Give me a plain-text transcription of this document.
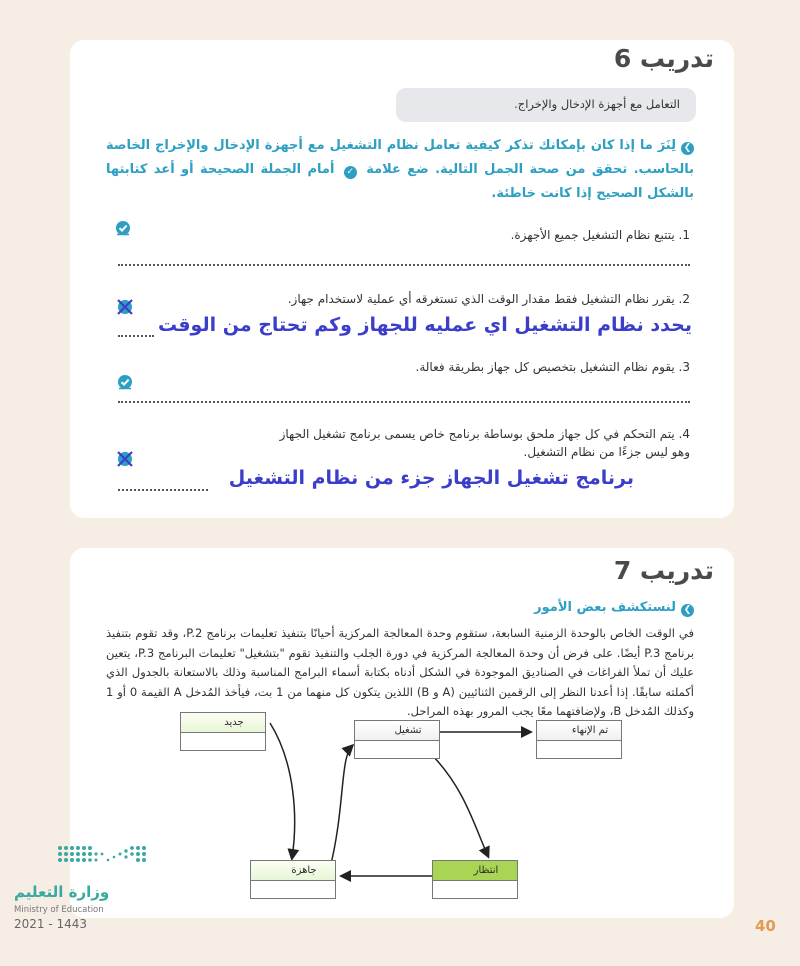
تدريب 6
التعامل مع أجهزة الإدخال والإخراج.
❯لِنَرَ ما إذا كان بإمكانك تذكر كيفية تعامل نظام التشغيل مع أجهزة الإدخال والإخراج الخاصة بالحاسب. تحقق من صحة الجمل التالية. ضع علامة ✓ أمام الجملة الصحيحة أو أعد كتابتها بالشكل الصحيح إذا كانت خاطئة.
1. يتتبع نظام التشغيل جميع الأجهزة.
2. يقرر نظام التشغيل فقط مقدار الوقت الذي تستغرقه أي عملية لاستخدام جهاز.
يحدد نظام التشغيل اي عمليه للجهاز وكم تحتاج من الوقت
3. يقوم نظام التشغيل بتخصيص كل جهاز بطريقة فعالة.
4. يتم التحكم في كل جهاز ملحق بوساطة برنامج خاص يسمى برنامج تشغيل الجهاز
وهو ليس جزءًا من نظام التشغيل.
برنامج تشغيل الجهاز جزء من نظام التشغيل
تدريب 7
❯لنستكشف بعض الأمور
في الوقت الخاص بالوحدة الزمنية السابعة، ستقوم وحدة المعالجة المركزية أحيانًا بتنفيذ تعليمات برنامج P.2، وقد تقوم بتنفيذ برنامج P.3 أيضًا. على فرض أن وحدة المعالجة المركزية في دورة الجلب والتنفيذ تقوم "بتشغيل" تعليمات البرنامج P.3، يتعين عليك أن تملأ الفراغات في الصناديق الموجودة في الشكل أدناه بكتابة أسماء البرامج المناسبة وذلك بالاستعانة بالجدول الذي أكملته سابقًا. إذا أعدنا النظر إلى الرقمين الثنائيين (A و B) اللذين يتكون كل منهما من 1 بت، فيأخذ المُدخل A القيمة 0 أو 1 وكذلك المُدخل B، ولإضافتهما معًا يجب المرور بهذه المراحل.
جديد
تشغيل	تم الإنهاء
جاهزة	انتظار
وزارة التعليم
Ministry of Education
2021 - 1443	40
